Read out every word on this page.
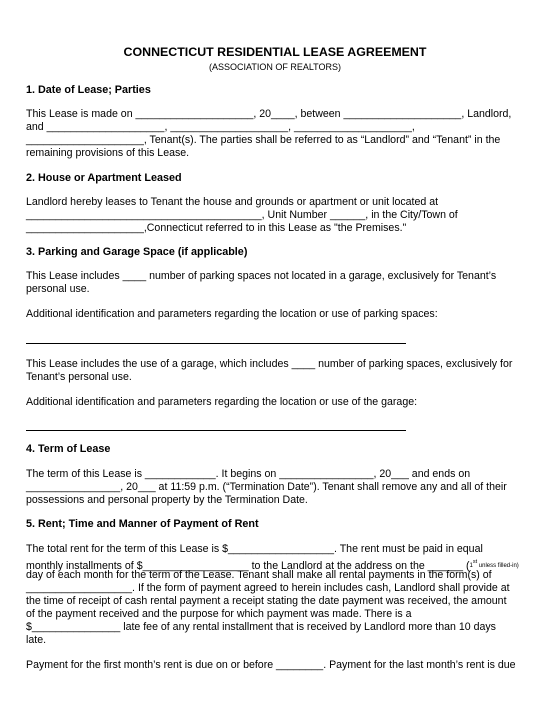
CONNECTICUT RESIDENTIAL LEASE AGREEMENT
(ASSOCIATION OF REALTORS)
1. Date of Lease; Parties
This Lease is made on ____________________, 20____, between ____________________, Landlord,
and ____________________, ____________________, ____________________,
____________________, Tenant(s). The parties shall be referred to as “Landlord” and “Tenant” in the
remaining provisions of this Lease.
2. House or Apartment Leased
Landlord hereby leases to Tenant the house and grounds or apartment or unit located at
________________________________________, Unit Number ______, in the City/Town of
____________________,Connecticut referred to in this Lease as "the Premises."
3. Parking and Garage Space (if applicable)
This Lease includes ____ number of parking spaces not located in a garage, exclusively for Tenant’s
personal use.
Additional identification and parameters regarding the location or use of parking spaces:
This Lease includes the use of a garage, which includes ____ number of parking spaces, exclusively for
Tenant’s personal use.
Additional identification and parameters regarding the location or use of the garage:
4. Term of Lease
The term of this Lease is ____________. It begins on ________________, 20___ and ends on
________________, 20___ at 11:59 p.m. (“Termination Date”). Tenant shall remove any and all of their
possessions and personal property by the Termination Date.
5. Rent; Time and Manner of Payment of Rent
The total rent for the term of this Lease is $__________________. The rent must be paid in equal
monthly installments of $__________________ to the Landlord at the address on the ______ (1st unless filled-in)
day of each month for the term of the Lease. Tenant shall make all rental payments in the form(s) of
__________________. If the form of payment agreed to herein includes cash, Landlord shall provide at
the time of receipt of cash rental payment a receipt stating the date payment was received, the amount
of the payment received and the purpose for which payment was made. There is a
$_______________ late fee of any rental installment that is received by Landlord more than 10 days
late.
Payment for the first month’s rent is due on or before ________. Payment for the last month’s rent is due
